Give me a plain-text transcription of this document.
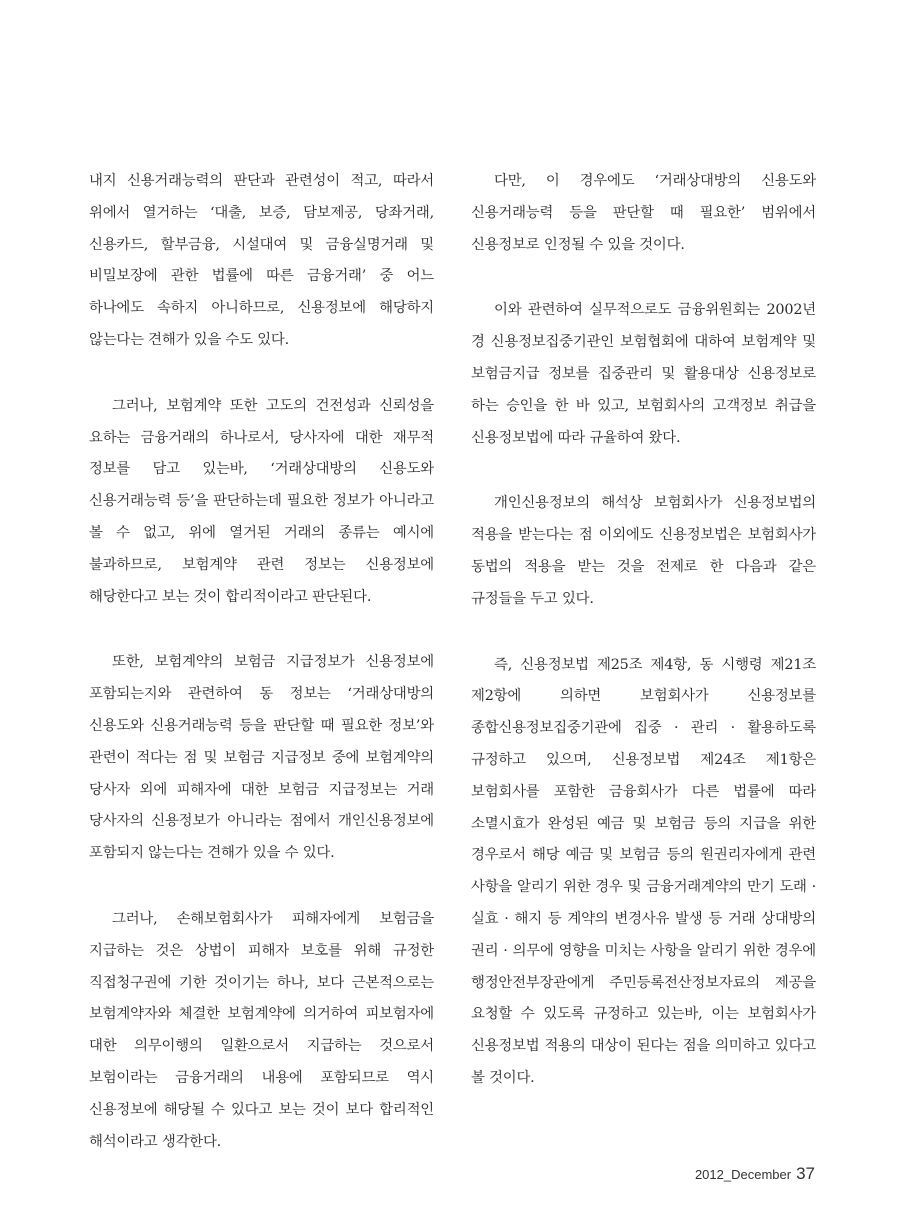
내지 신용거래능력의 판단과 관련성이 적고, 따라서 위에서 열거하는 ‘대출, 보증, 담보제공, 당좌거래, 신용카드, 할부금융, 시설대여 및 금융실명거래 및 비밀보장에 관한 법률에 따른 금융거래’ 중 어느 하나에도 속하지 아니하므로, 신용정보에 해당하지 않는다는 견해가 있을 수도 있다.

그러나, 보험계약 또한 고도의 건전성과 신뢰성을 요하는 금융거래의 하나로서, 당사자에 대한 재무적 정보를 담고 있는바, ‘거래상대방의 신용도와 신용거래능력 등’을 판단하는데 필요한 정보가 아니라고 볼 수 없고, 위에 열거된 거래의 종류는 예시에 불과하므로, 보험계약 관련 정보는 신용정보에 해당한다고 보는 것이 합리적이라고 판단된다.

또한, 보험계약의 보험금 지급정보가 신용정보에 포함되는지와 관련하여 동 정보는 ‘거래상대방의 신용도와 신용거래능력 등을 판단할 때 필요한 정보’와 관련이 적다는 점 및 보험금 지급정보 중에 보험계약의 당사자 외에 피해자에 대한 보험금 지급정보는 거래 당사자의 신용정보가 아니라는 점에서 개인신용정보에 포함되지 않는다는 견해가 있을 수 있다.

그러나, 손해보험회사가 피해자에게 보험금을 지급하는 것은 상법이 피해자 보호를 위해 규정한 직접청구권에 기한 것이기는 하나, 보다 근본적으로는 보험계약자와 체결한 보험계약에 의거하여 피보험자에 대한 의무이행의 일환으로서 지급하는 것으로서 보험이라는 금융거래의 내용에 포함되므로 역시 신용정보에 해당될 수 있다고 보는 것이 보다 합리적인 해석이라고 생각한다.

다만, 이 경우에도 ‘거래상대방의 신용도와 신용거래능력 등을 판단할 때 필요한’ 범위에서 신용정보로 인정될 수 있을 것이다.

이와 관련하여 실무적으로도 금융위원회는 2002년 경 신용정보집중기관인 보험협회에 대하여 보험계약 및 보험금지급 정보를 집중관리 및 활용대상 신용정보로 하는 승인을 한 바 있고, 보험회사의 고객정보 취급을 신용정보법에 따라 규율하여 왔다.

개인신용정보의 해석상 보험회사가 신용정보법의 적용을 받는다는 점 이외에도 신용정보법은 보험회사가 동법의 적용을 받는 것을 전제로 한 다음과 같은 규정들을 두고 있다.

즉, 신용정보법 제25조 제4항, 동 시행령 제21조 제2항에 의하면 보험회사가 신용정보를 종합신용정보집중기관에 집중 · 관리 · 활용하도록 규정하고 있으며, 신용정보법 제24조 제1항은 보험회사를 포함한 금융회사가 다른 법률에 따라 소멸시효가 완성된 예금 및 보험금 등의 지급을 위한 경우로서 해당 예금 및 보험금 등의 원권리자에게 관련 사항을 알리기 위한 경우 및 금융거래계약의 만기 도래 · 실효 · 해지 등 계약의 변경사유 발생 등 거래 상대방의 권리 · 의무에 영향을 미치는 사항을 알리기 위한 경우에 행정안전부장관에게 주민등록전산정보자료의 제공을 요청할 수 있도록 규정하고 있는바, 이는 보험회사가 신용정보법 적용의 대상이 된다는 점을 의미하고 있다고 볼 것이다.

2012_December 37
